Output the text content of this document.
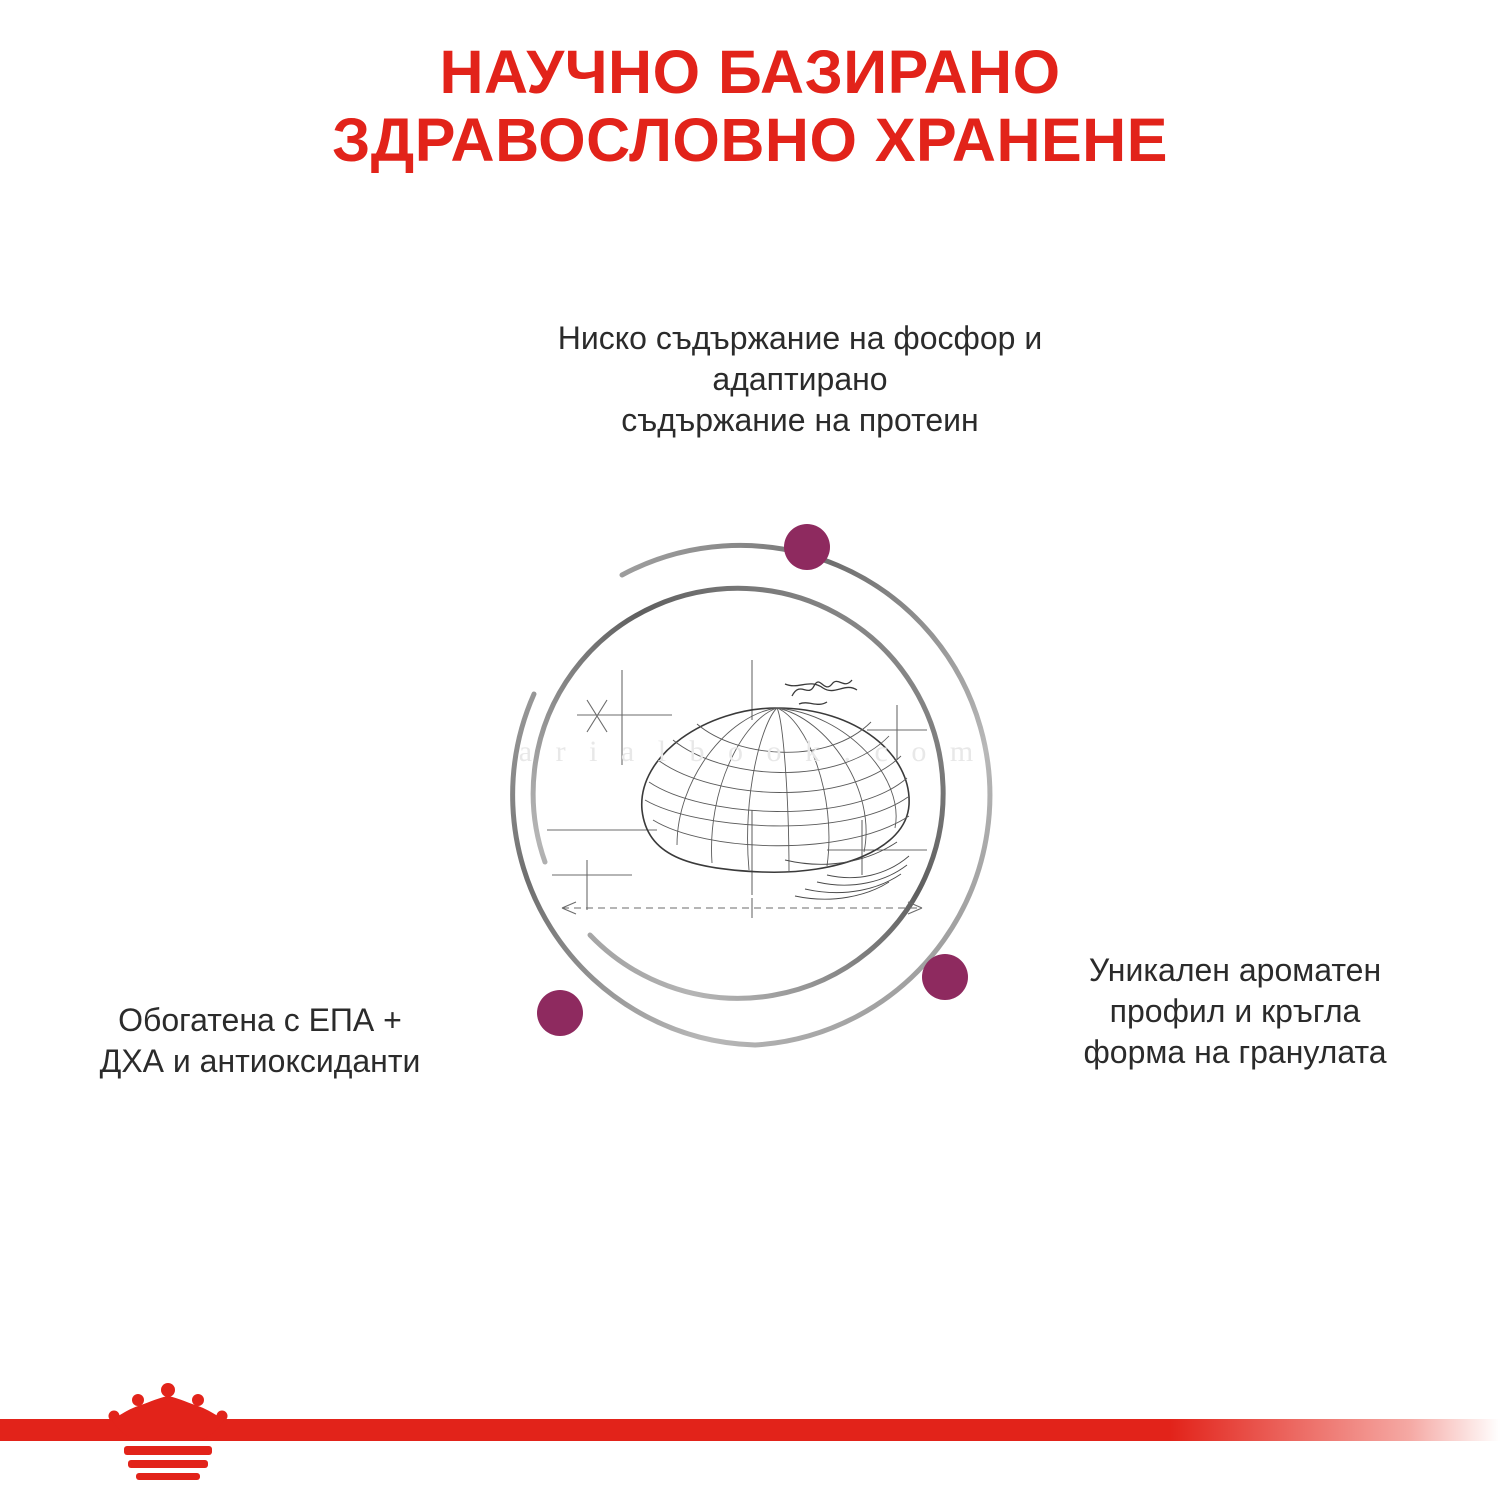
НАУЧНО БАЗИРАНО
ЗДРАВОСЛОВНО ХРАНЕНЕ
Ниско съдържание на фосфор и
адаптирано
съдържание на протеин
a r i a l b o o k . c o m
Обогатена с ЕПА +
ДХА и антиоксиданти
Уникален ароматен
профил и кръгла
форма на гранулата
